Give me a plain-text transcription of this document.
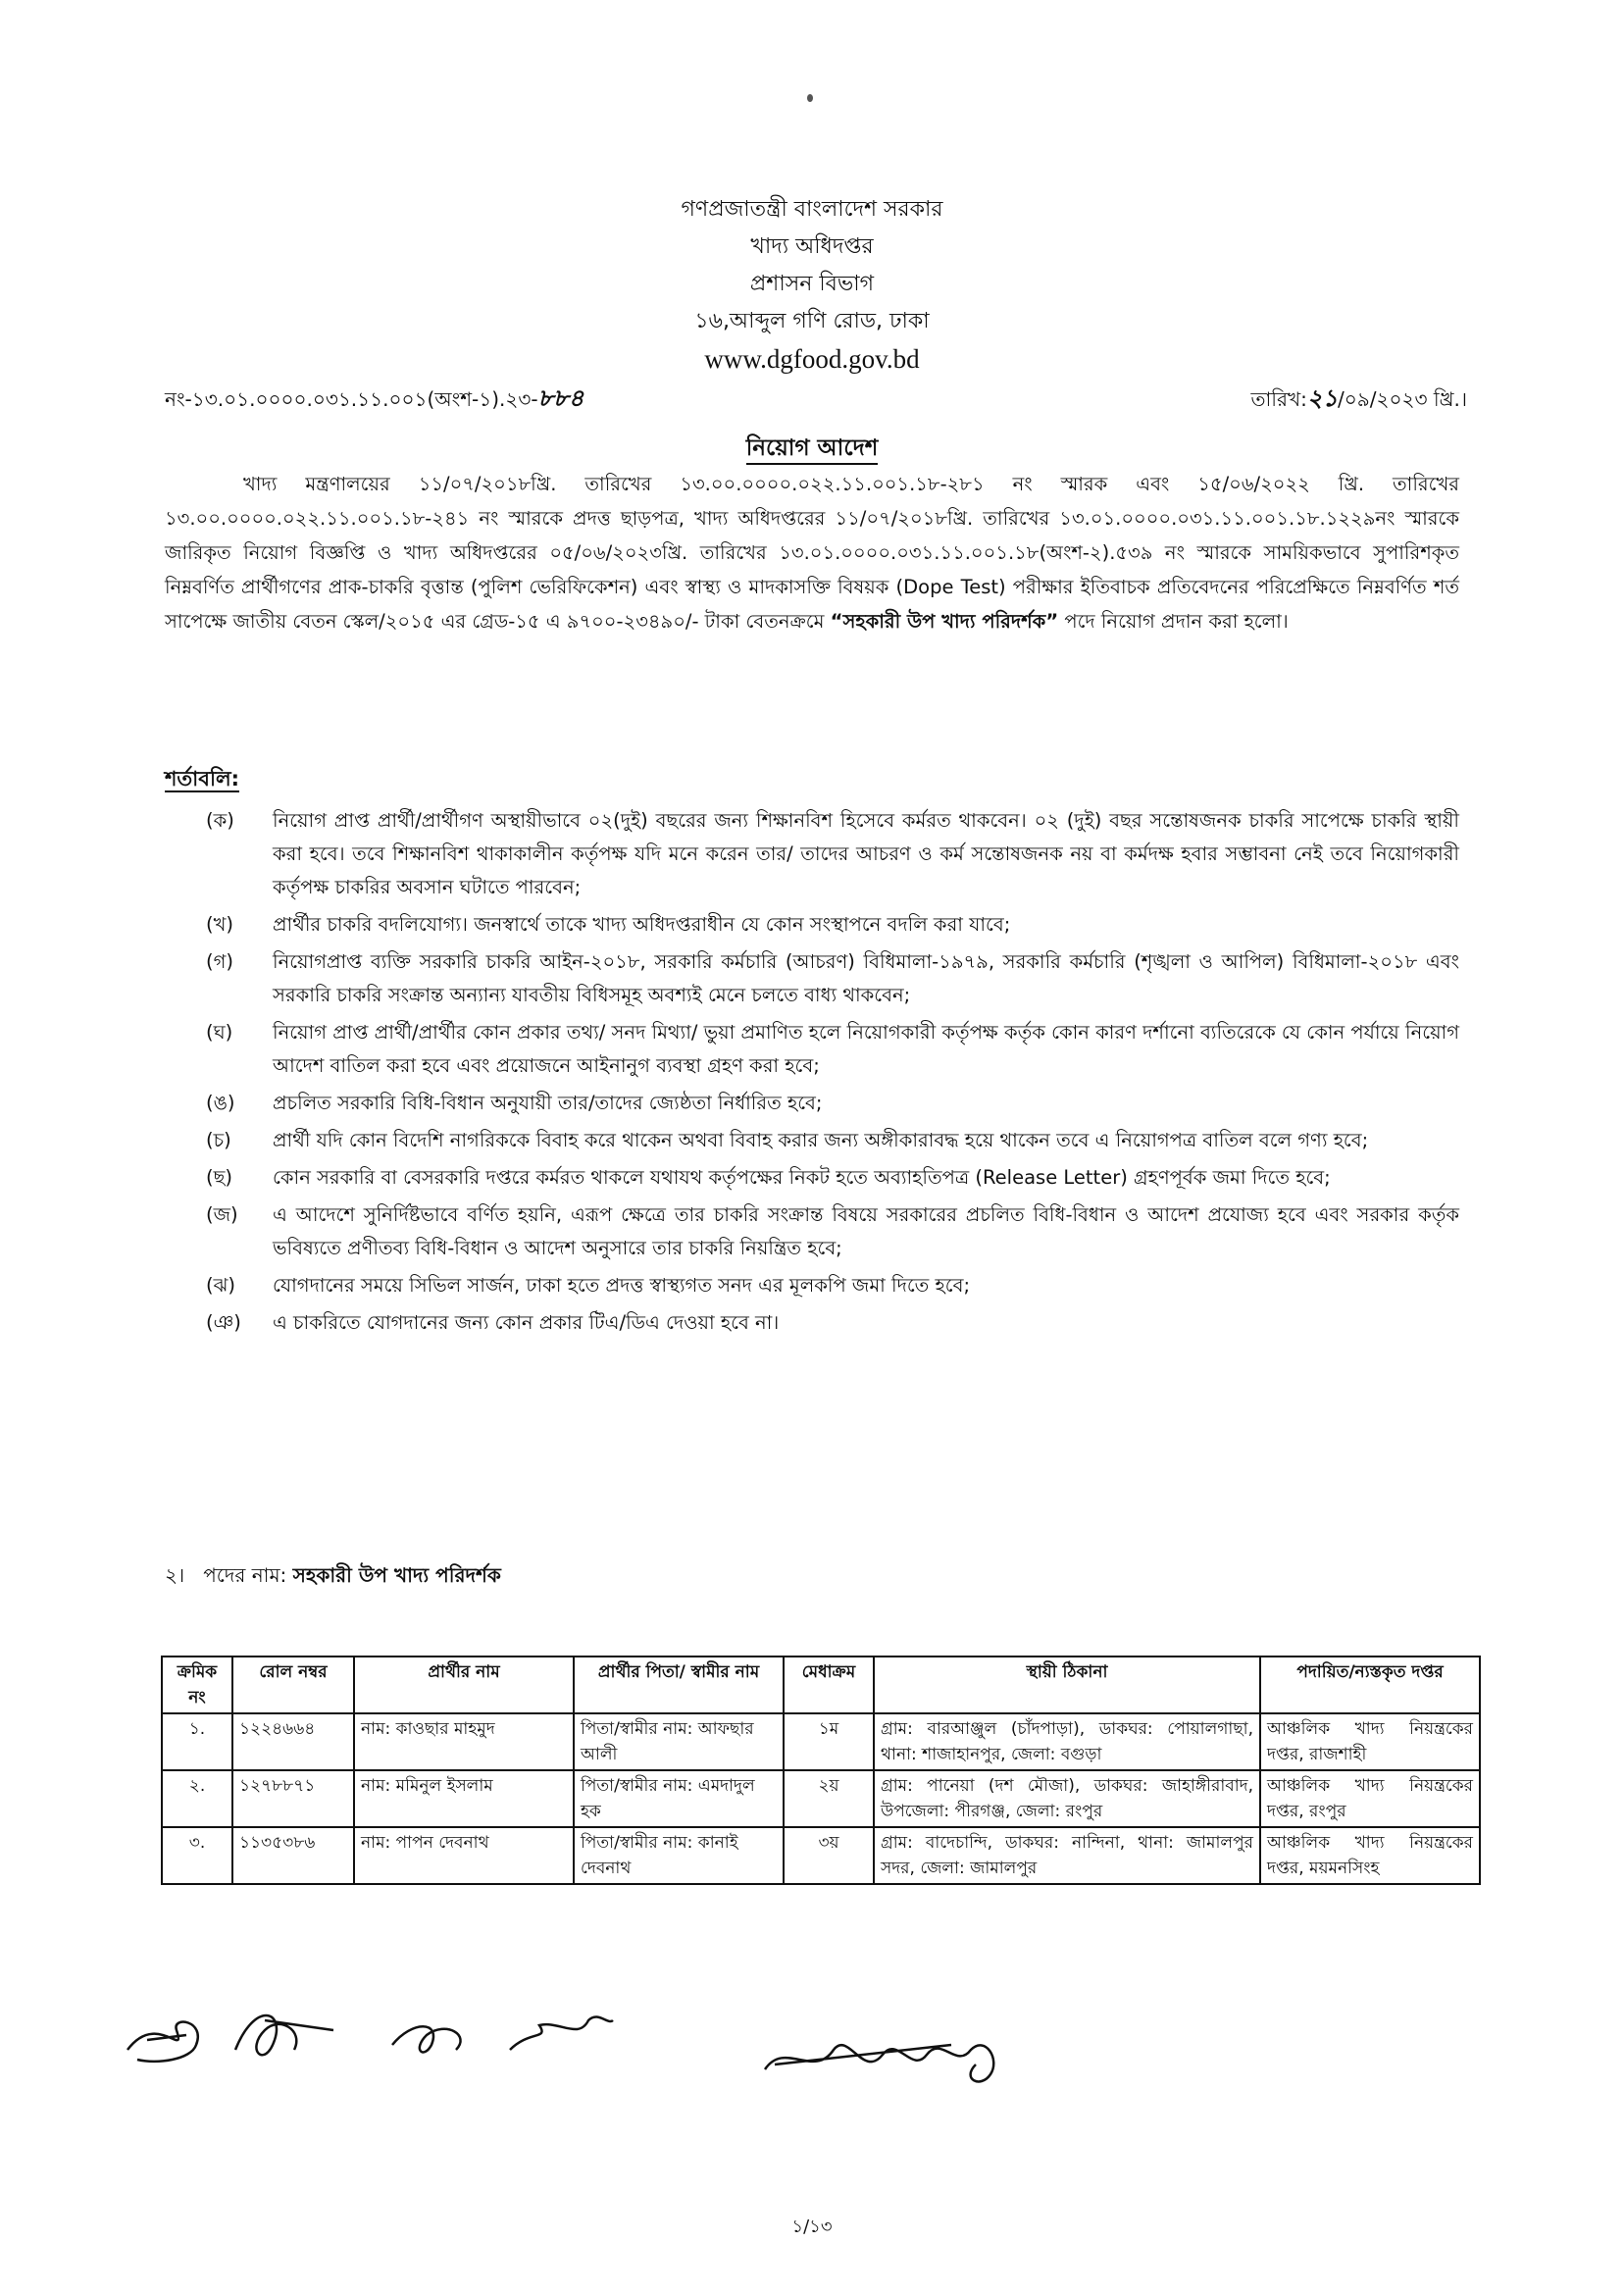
গণপ্রজাতন্ত্রী বাংলাদেশ সরকার
খাদ্য অধিদপ্তর
প্রশাসন বিভাগ
১৬,আব্দুল গণি রোড, ঢাকা
www.dgfood.gov.bd
নং-১৩.০১.০০০০.০৩১.১১.০০১(অংশ-১).২৩-৮৮৪	তারিখ:২১/০৯/২০২৩ খ্রি.।
নিয়োগ আদেশ
খাদ্য মন্ত্রণালয়ের ১১/০৭/২০১৮খ্রি. তারিখের ১৩.০০.০০০০.০২২.১১.০০১.১৮-২৮১ নং স্মারক এবং ১৫/০৬/২০২২ খ্রি. তারিখের ১৩.০০.০০০০.০২২.১১.০০১.১৮-২৪১ নং স্মারকে প্রদত্ত ছাড়পত্র, খাদ্য অধিদপ্তরের ১১/০৭/২০১৮খ্রি. তারিখের ১৩.০১.০০০০.০৩১.১১.০০১.১৮.১২২৯নং স্মারকে জারিকৃত নিয়োগ বিজ্ঞপ্তি ও খাদ্য অধিদপ্তরের ০৫/০৬/২০২৩খ্রি. তারিখের ১৩.০১.০০০০.০৩১.১১.০০১.১৮(অংশ-২).৫৩৯ নং স্মারকে সাময়িকভাবে সুপারিশকৃত নিম্নবর্ণিত প্রার্থীগণের প্রাক-চাকরি বৃত্তান্ত (পুলিশ ভেরিফিকেশন) এবং স্বাস্থ্য ও মাদকাসক্তি বিষয়ক (Dope Test) পরীক্ষার ইতিবাচক প্রতিবেদনের পরিপ্রেক্ষিতে নিম্নবর্ণিত শর্ত সাপেক্ষে জাতীয় বেতন স্কেল/২০১৫ এর গ্রেড-১৫ এ ৯৭০০-২৩৪৯০/- টাকা বেতনক্রমে “সহকারী উপ খাদ্য পরিদর্শক” পদে নিয়োগ প্রদান করা হলো।
শর্তাবলি:
(ক)	নিয়োগ প্রাপ্ত প্রার্থী/প্রার্থীগণ অস্থায়ীভাবে ০২(দুই) বছরের জন্য শিক্ষানবিশ হিসেবে কর্মরত থাকবেন। ০২ (দুই) বছর সন্তোষজনক চাকরি সাপেক্ষে চাকরি স্থায়ী করা হবে। তবে শিক্ষানবিশ থাকাকালীন কর্তৃপক্ষ যদি মনে করেন তার/ তাদের আচরণ ও কর্ম সন্তোষজনক নয় বা কর্মদক্ষ হবার সম্ভাবনা নেই তবে নিয়োগকারী কর্তৃপক্ষ চাকরির অবসান ঘটাতে পারবেন;
(খ)	প্রার্থীর চাকরি বদলিযোগ্য। জনস্বার্থে তাকে খাদ্য অধিদপ্তরাধীন যে কোন সংস্থাপনে বদলি করা যাবে;
(গ)	নিয়োগপ্রাপ্ত ব্যক্তি সরকারি চাকরি আইন-২০১৮, সরকারি কর্মচারি (আচরণ) বিধিমালা-১৯৭৯, সরকারি কর্মচারি (শৃঙ্খলা ও আপিল) বিধিমালা-২০১৮ এবং সরকারি চাকরি সংক্রান্ত অন্যান্য যাবতীয় বিধিসমূহ অবশ্যই মেনে চলতে বাধ্য থাকবেন;
(ঘ)	নিয়োগ প্রাপ্ত প্রার্থী/প্রার্থীর কোন প্রকার তথ্য/ সনদ মিথ্যা/ ভুয়া প্রমাণিত হলে নিয়োগকারী কর্তৃপক্ষ কর্তৃক কোন কারণ দর্শানো ব্যতিরেকে যে কোন পর্যায়ে নিয়োগ আদেশ বাতিল করা হবে এবং প্রয়োজনে আইনানুগ ব্যবস্থা গ্রহণ করা হবে;
(ঙ)	প্রচলিত সরকারি বিধি-বিধান অনুযায়ী তার/তাদের জ্যেষ্ঠতা নির্ধারিত হবে;
(চ)	প্রার্থী যদি কোন বিদেশি নাগরিককে বিবাহ করে থাকেন অথবা বিবাহ করার জন্য অঙ্গীকারাবদ্ধ হয়ে থাকেন তবে এ নিয়োগপত্র বাতিল বলে গণ্য হবে;
(ছ)	কোন সরকারি বা বেসরকারি দপ্তরে কর্মরত থাকলে যথাযথ কর্তৃপক্ষের নিকট হতে অব্যাহতিপত্র (Release Letter) গ্রহণপূর্বক জমা দিতে হবে;
(জ)	এ আদেশে সুনির্দিষ্টভাবে বর্ণিত হয়নি, এরূপ ক্ষেত্রে তার চাকরি সংক্রান্ত বিষয়ে সরকারের প্রচলিত বিধি-বিধান ও আদেশ প্রযোজ্য হবে এবং সরকার কর্তৃক ভবিষ্যতে প্রণীতব্য বিধি-বিধান ও আদেশ অনুসারে তার চাকরি নিয়ন্ত্রিত হবে;
(ঝ)	যোগদানের সময়ে সিভিল সার্জন, ঢাকা হতে প্রদত্ত স্বাস্থ্যগত সনদ এর মূলকপি জমা দিতে হবে;
(ঞ)	এ চাকরিতে যোগদানের জন্য কোন প্রকার টিএ/ডিএ দেওয়া হবে না।
২। পদের নাম: সহকারী উপ খাদ্য পরিদর্শক
ক্রমিক নং	রোল নম্বর	প্রার্থীর নাম	প্রার্থীর পিতা/ স্বামীর নাম	মেধাক্রম	স্থায়ী ঠিকানা	পদায়িত/ন্যস্তকৃত দপ্তর
১.	১২২৪৬৬৪	নাম: কাওছার মাহমুদ	পিতা/স্বামীর নাম: আফছার আলী	১ম	গ্রাম: বারআঞ্জুল (চাঁদপাড়া), ডাকঘর: পোয়ালগাছা, থানা: শাজাহানপুর, জেলা: বগুড়া	আঞ্চলিক খাদ্য নিয়ন্ত্রকের দপ্তর, রাজশাহী
২.	১২৭৮৮৭১	নাম: মমিনুল ইসলাম	পিতা/স্বামীর নাম: এমদাদুল হক	২য়	গ্রাম: পানেয়া (দশ মৌজা), ডাকঘর: জাহাঙ্গীরাবাদ, উপজেলা: পীরগঞ্জ, জেলা: রংপুর	আঞ্চলিক খাদ্য নিয়ন্ত্রকের দপ্তর, রংপুর
৩.	১১৩৫৩৮৬	নাম: পাপন দেবনাথ	পিতা/স্বামীর নাম: কানাই দেবনাথ	৩য়	গ্রাম: বাদেচান্দি, ডাকঘর: নান্দিনা, থানা: জামালপুর সদর, জেলা: জামালপুর	আঞ্চলিক খাদ্য নিয়ন্ত্রকের দপ্তর, ময়মনসিংহ
১/১৩
